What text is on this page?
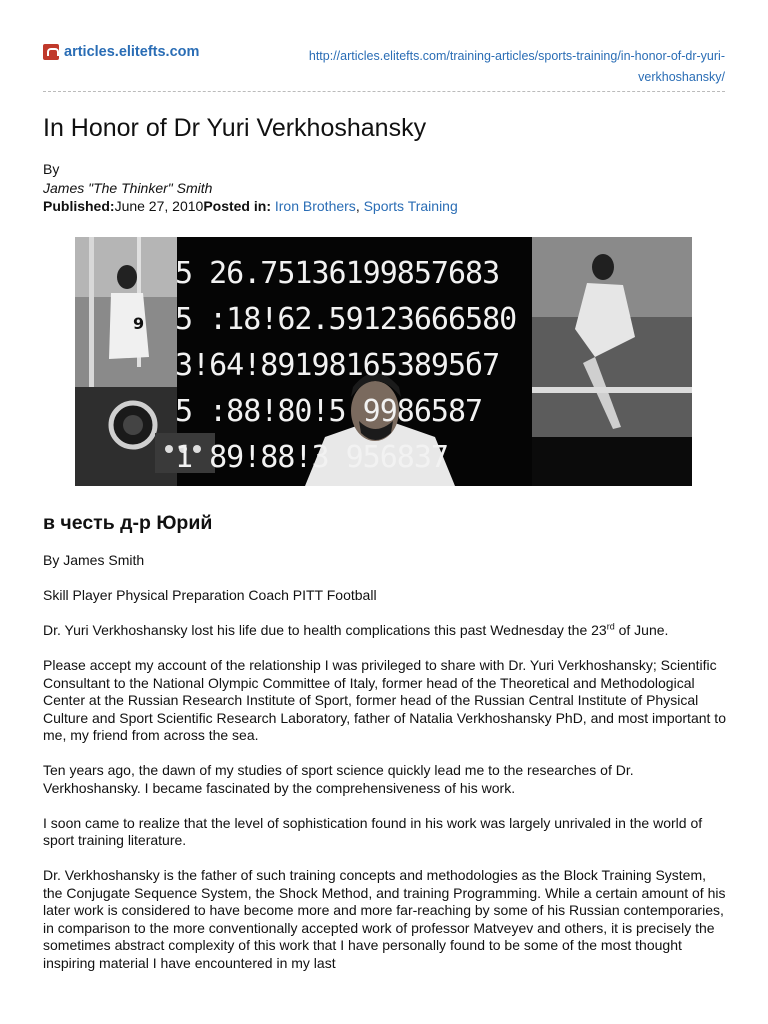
articles.elitefts.com	http://articles.elitefts.com/training-articles/sports-training/in-honor-of-dr-yuri-verkhoshansky/
In Honor of Dr Yuri Verkhoshansky
By
James "The Thinker" Smith
Published:June 27, 2010Posted in: Iron Brothers, Sports Training
9
5 26.7513619985768З
5 :18!62.59123666580
3!64!891981653895б7
5 :88!80!5 9986587
1 89!88!3 956837
в честь д-р Юрий

By James Smith

Skill Player Physical Preparation Coach PITT Football

Dr. Yuri Verkhoshansky lost his life due to health complications this past Wednesday the 23rd of June.

Please accept my account of the relationship I was privileged to share with Dr. Yuri Verkhoshansky; Scientific Consultant to the National Olympic Committee of Italy, former head of the Theoretical and Methodological Center at the Russian Research Institute of Sport, former head of the Russian Central Institute of Physical Culture and Sport Scientific Research Laboratory, father of Natalia Verkhoshansky PhD, and most important to me, my friend from across the sea.

Ten years ago, the dawn of my studies of sport science quickly lead me to the researches of Dr. Verkhoshansky. I became fascinated by the comprehensiveness of his work.

I soon came to realize that the level of sophistication found in his work was largely unrivaled in the world of sport training literature.

Dr. Verkhoshansky is the father of such training concepts and methodologies as the Block Training System, the Conjugate Sequence System, the Shock Method, and training Programming. While a certain amount of his later work is considered to have become more and more far-reaching by some of his Russian contemporaries, in comparison to the more conventionally accepted work of professor Matveyev and others, it is precisely the sometimes abstract complexity of this work that I have personally found to be some of the most thought inspiring material I have encountered in my last
